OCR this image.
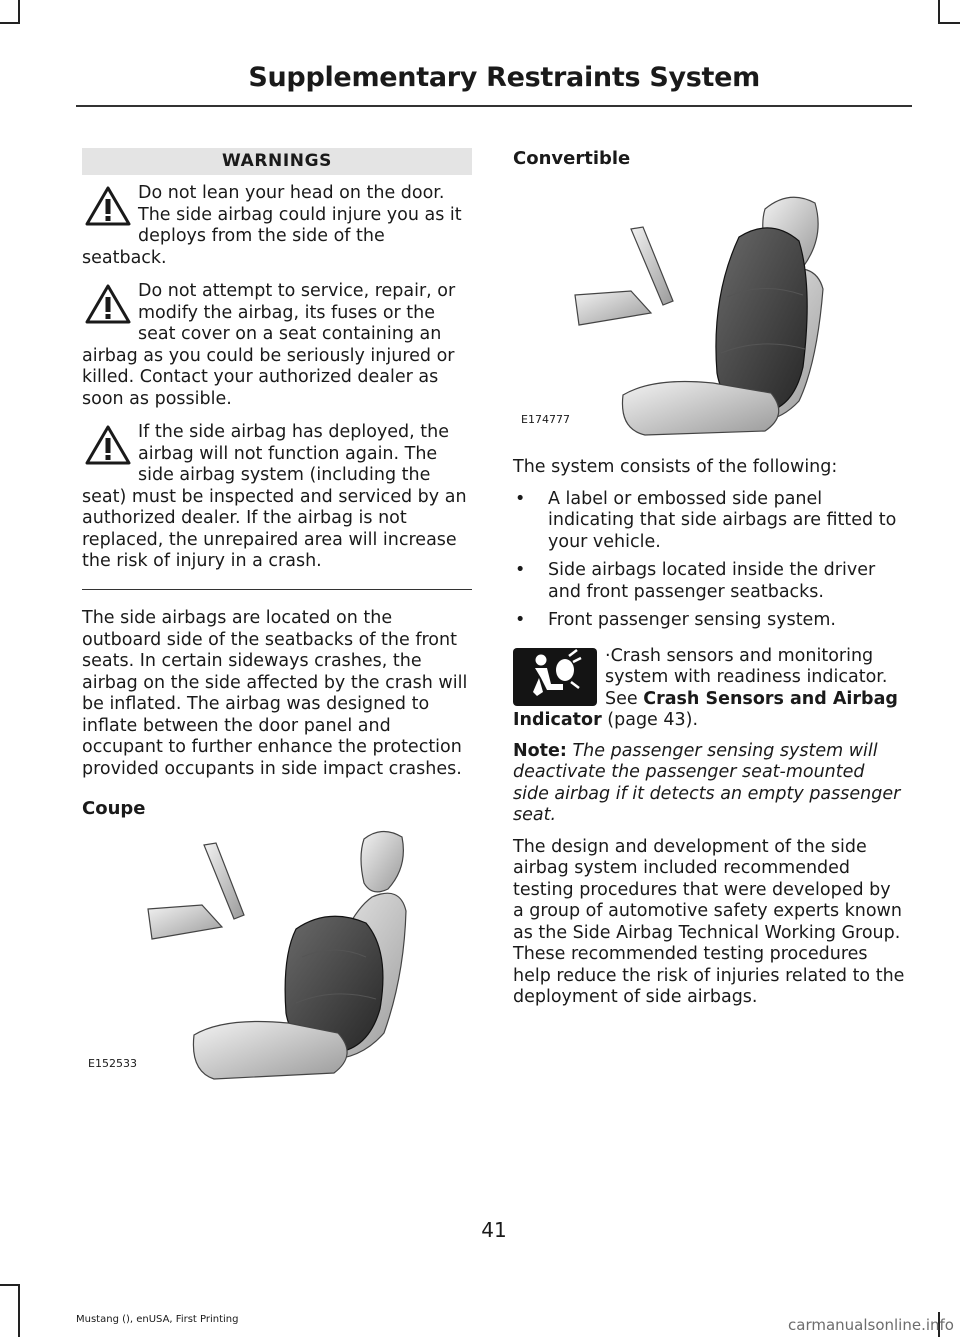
Supplementary Restraints System
WARNINGS

Do not lean your head on the door. The side airbag could injure you as it deploys from the side of the seatback.

Do not attempt to service, repair, or modify the airbag, its fuses or the seat cover on a seat containing an airbag as you could be seriously injured or killed. Contact your authorized dealer as soon as possible.

If the side airbag has deployed, the airbag will not function again. The side airbag system (including the seat) must be inspected and serviced by an authorized dealer. If the airbag is not replaced, the unrepaired area will increase the risk of injury in a crash.

The side airbags are located on the outboard side of the seatbacks of the front seats. In certain sideways crashes, the airbag on the side affected by the crash will be inflated. The airbag was designed to inflate between the door panel and occupant to further enhance the protection provided occupants in side impact crashes.

Coupe
E152533
Convertible
E174777

The system consists of the following:

• A label or embossed side panel indicating that side airbags are fitted to your vehicle.
• Side airbags located inside the driver and front passenger seatbacks.
• Front passenger sensing system.

·Crash sensors and monitoring system with readiness indicator. See Crash Sensors and Airbag Indicator (page 43).

Note: The passenger sensing system will deactivate the passenger seat-mounted side airbag if it detects an empty passenger seat.

The design and development of the side airbag system included recommended testing procedures that were developed by a group of automotive safety experts known as the Side Airbag Technical Working Group. These recommended testing procedures help reduce the risk of injuries related to the deployment of side airbags.

41
Mustang (), enUSA, First Printing	carmanualsonline.info
